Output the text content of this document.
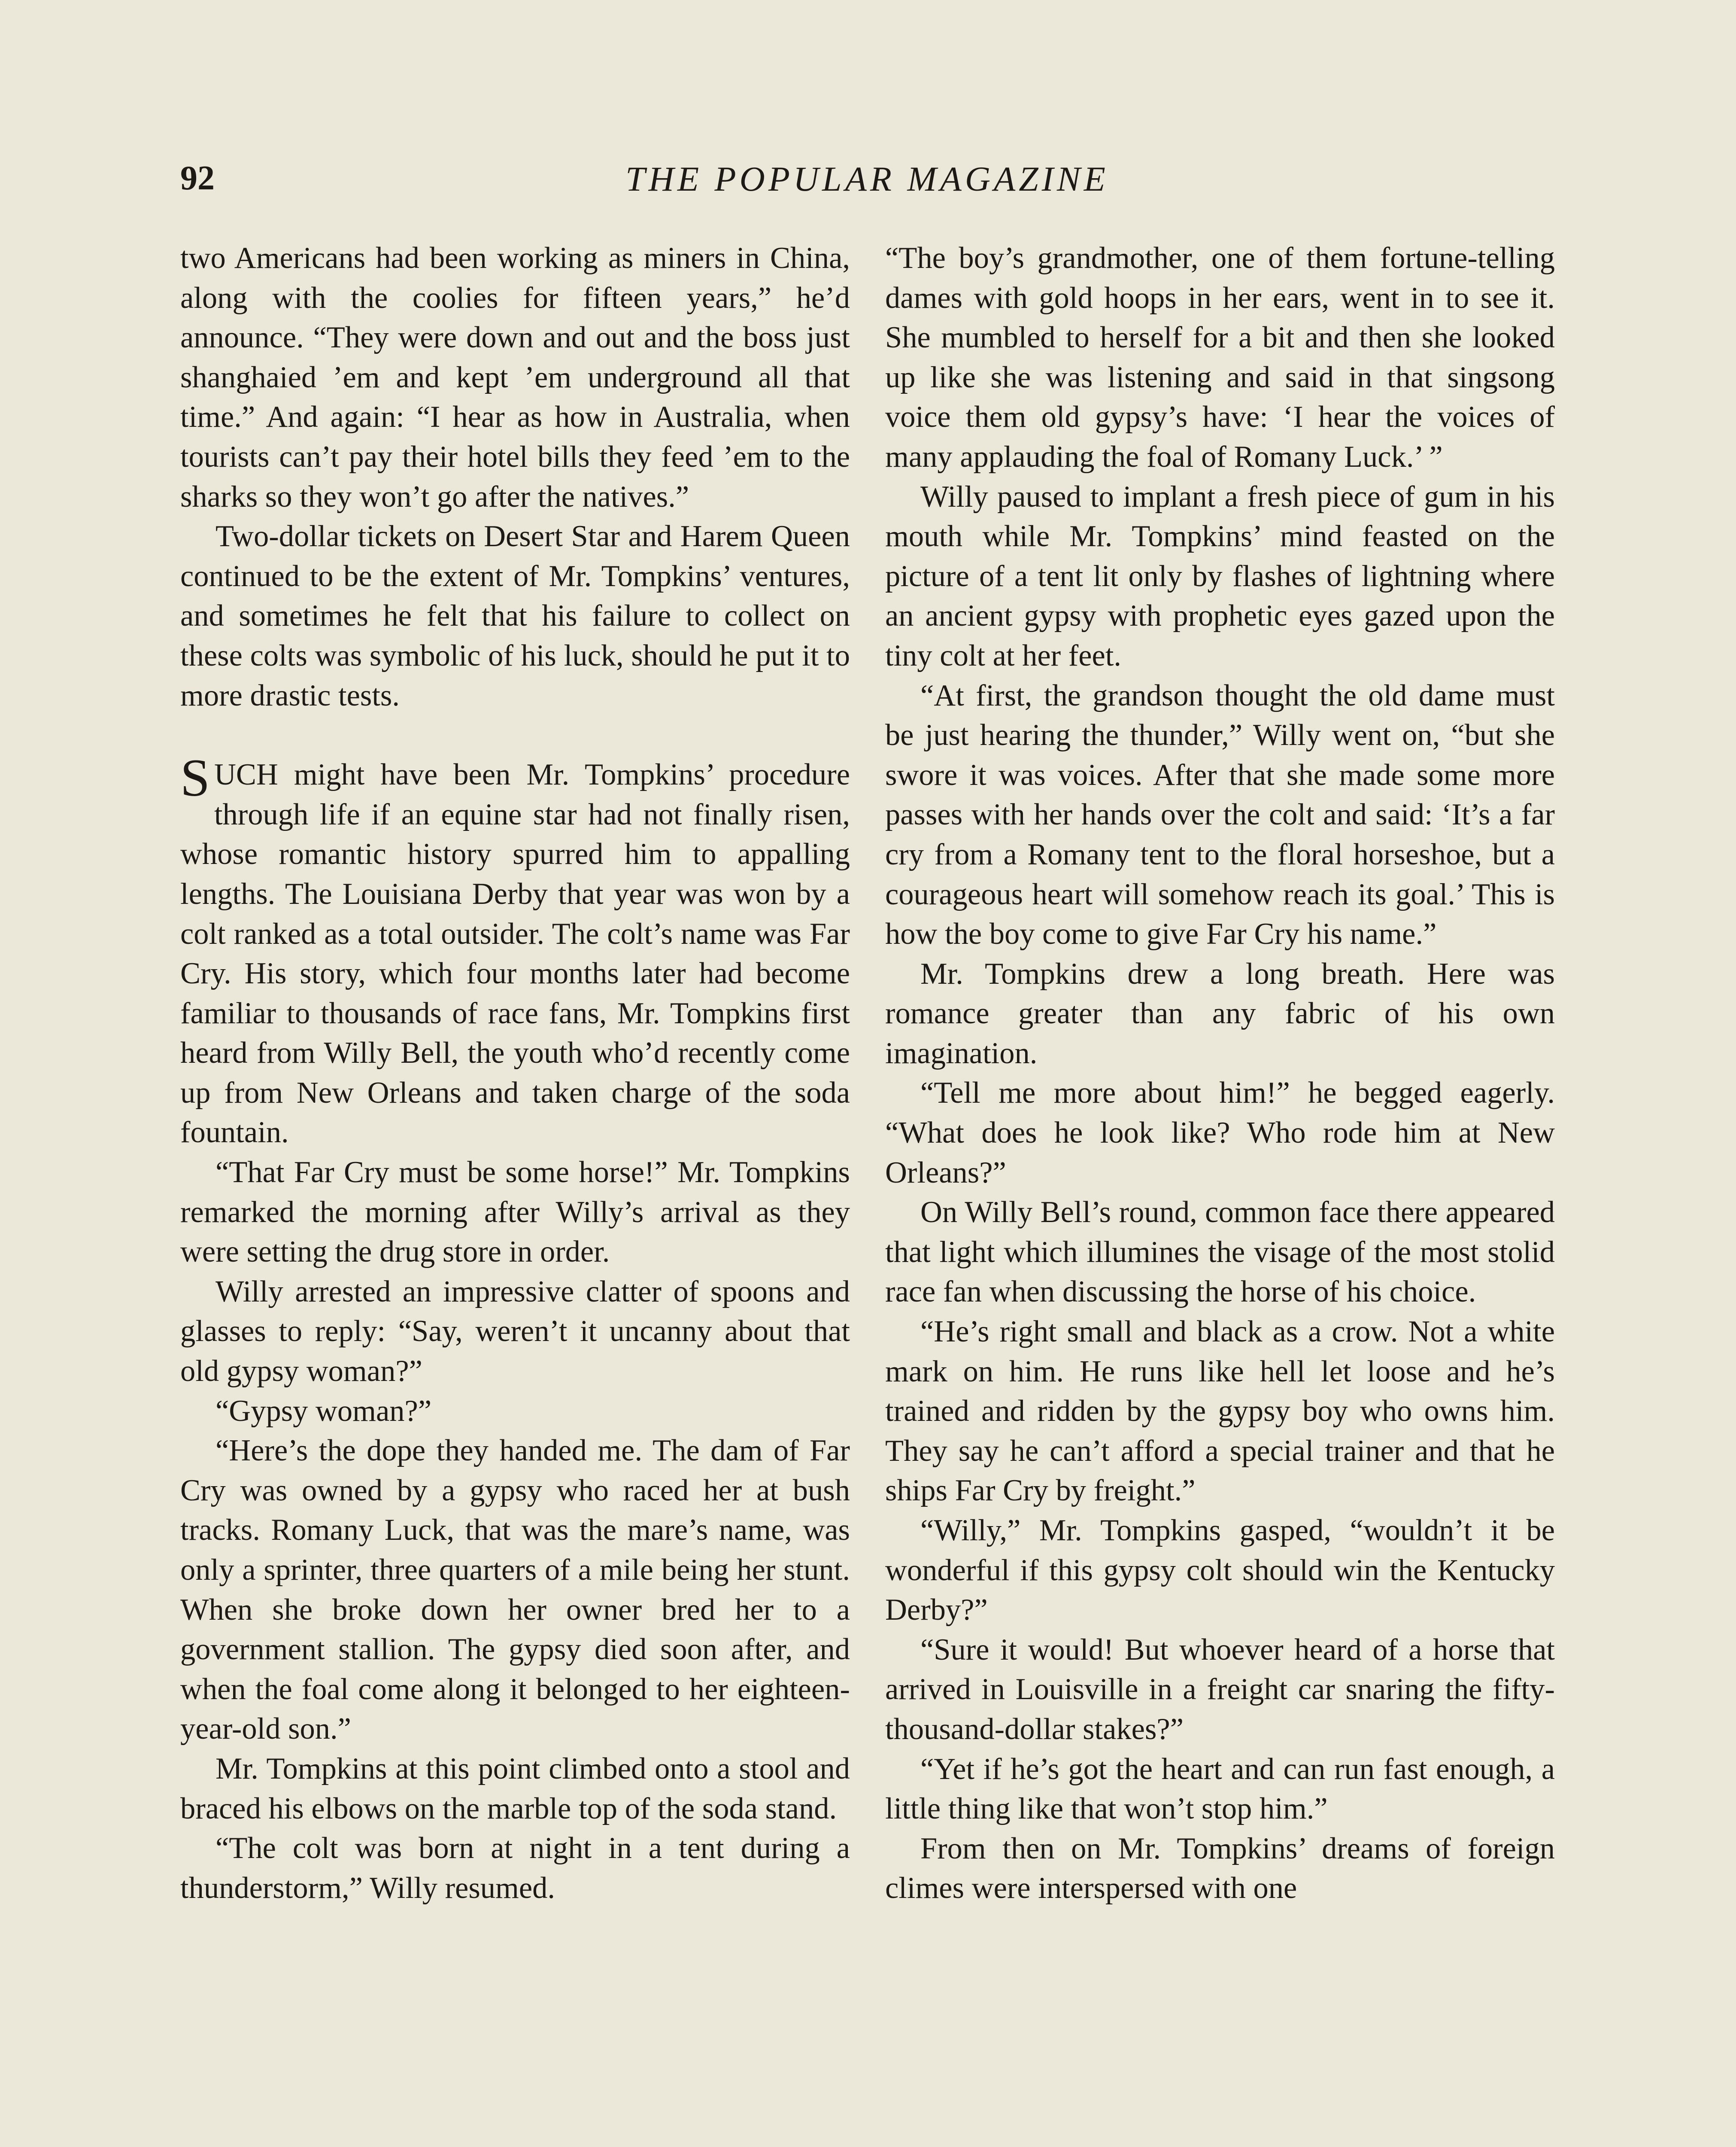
92	THE POPULAR MAGAZINE

two Americans had been working as miners in China, along with the coolies for fifteen years,” he’d announce. “They were down and out and the boss just shanghaied ’em and kept ’em underground all that time.” And again: “I hear as how in Australia, when tourists can’t pay their hotel bills they feed ’em to the sharks so they won’t go after the natives.”

Two-dollar tickets on Desert Star and Harem Queen continued to be the extent of Mr. Tompkins’ ventures, and sometimes he felt that his failure to collect on these colts was symbolic of his luck, should he put it to more drastic tests.

SUCH might have been Mr. Tompkins’ procedure through life if an equine star had not finally risen, whose romantic history spurred him to appalling lengths. The Louisiana Derby that year was won by a colt ranked as a total outsider. The colt’s name was Far Cry. His story, which four months later had become familiar to thousands of race fans, Mr. Tompkins first heard from Willy Bell, the youth who’d recently come up from New Orleans and taken charge of the soda fountain.

“That Far Cry must be some horse!” Mr. Tompkins remarked the morning after Willy’s arrival as they were setting the drug store in order.

Willy arrested an impressive clatter of spoons and glasses to reply: “Say, weren’t it uncanny about that old gypsy woman?”

“Gypsy woman?”

“Here’s the dope they handed me. The dam of Far Cry was owned by a gypsy who raced her at bush tracks. Romany Luck, that was the mare’s name, was only a sprinter, three quarters of a mile being her stunt. When she broke down her owner bred her to a government stallion. The gypsy died soon after, and when the foal come along it belonged to her eighteen-year-old son.”

Mr. Tompkins at this point climbed onto a stool and braced his elbows on the marble top of the soda stand.

“The colt was born at night in a tent during a thunderstorm,” Willy resumed.

“The boy’s grandmother, one of them fortune-telling dames with gold hoops in her ears, went in to see it. She mumbled to herself for a bit and then she looked up like she was listening and said in that singsong voice them old gypsy’s have: ‘I hear the voices of many applauding the foal of Romany Luck.’ ”

Willy paused to implant a fresh piece of gum in his mouth while Mr. Tompkins’ mind feasted on the picture of a tent lit only by flashes of lightning where an ancient gypsy with prophetic eyes gazed upon the tiny colt at her feet.

“At first, the grandson thought the old dame must be just hearing the thunder,” Willy went on, “but she swore it was voices. After that she made some more passes with her hands over the colt and said: ‘It’s a far cry from a Romany tent to the floral horseshoe, but a courageous heart will somehow reach its goal.’ This is how the boy come to give Far Cry his name.”

Mr. Tompkins drew a long breath. Here was romance greater than any fabric of his own imagination.

“Tell me more about him!” he begged eagerly. “What does he look like? Who rode him at New Orleans?”

On Willy Bell’s round, common face there appeared that light which illumines the visage of the most stolid race fan when discussing the horse of his choice.

“He’s right small and black as a crow. Not a white mark on him. He runs like hell let loose and he’s trained and ridden by the gypsy boy who owns him. They say he can’t afford a special trainer and that he ships Far Cry by freight.”

“Willy,” Mr. Tompkins gasped, “wouldn’t it be wonderful if this gypsy colt should win the Kentucky Derby?”

“Sure it would! But whoever heard of a horse that arrived in Louisville in a freight car snaring the fifty-thousand-dollar stakes?”

“Yet if he’s got the heart and can run fast enough, a little thing like that won’t stop him.”

From then on Mr. Tompkins’ dreams of foreign climes were interspersed with one
